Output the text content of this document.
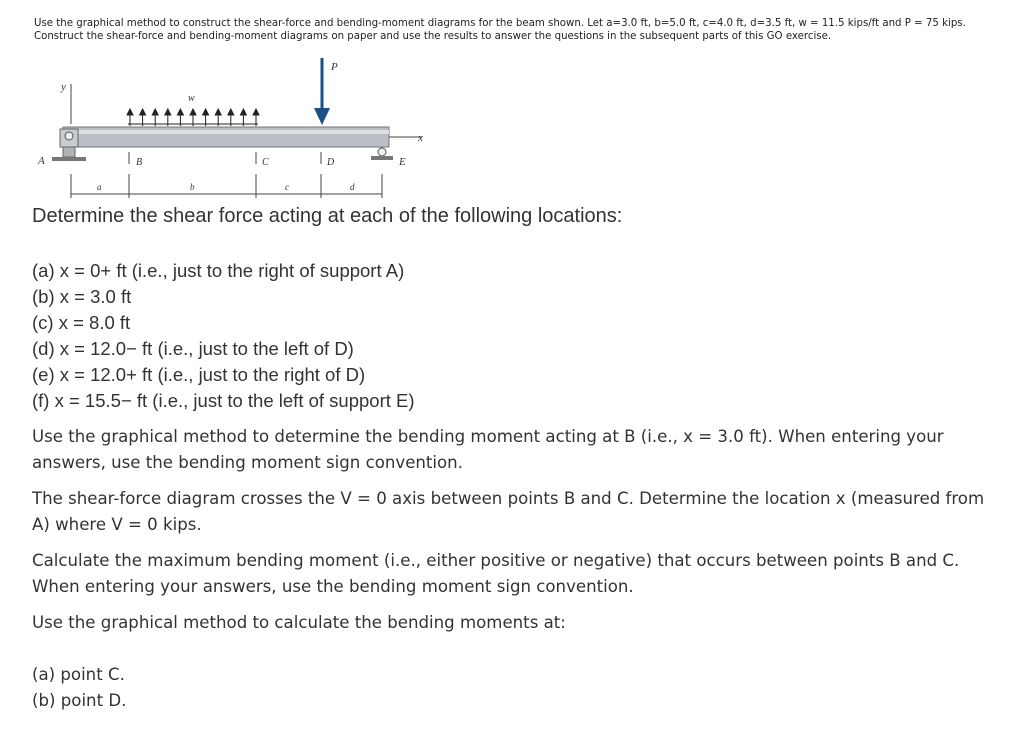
Use the graphical method to construct the shear-force and bending-moment diagrams for the beam shown. Let a=3.0 ft, b=5.0 ft, c=4.0 ft, d=3.5 ft, w = 11.5 kips/ft and P = 75 kips.
Construct the shear-force and bending-moment diagrams on paper and use the results to answer the questions in the subsequent parts of this GO exercise.
y
w
P
x
A	E
B	C	D
a	b	c	d
Determine the shear force acting at each of the following locations:
(a) x = 0+ ft (i.e., just to the right of support A)
(b) x = 3.0 ft
(c) x = 8.0 ft
(d) x = 12.0− ft (i.e., just to the left of D)
(e) x = 12.0+ ft (i.e., just to the right of D)
(f) x = 15.5− ft (i.e., just to the left of support E)

Use the graphical method to determine the bending moment acting at B (i.e., x = 3.0 ft). When entering your answers, use the bending moment sign convention.

The shear-force diagram crosses the V = 0 axis between points B and C. Determine the location x (measured from A) where V = 0 kips.

Calculate the maximum bending moment (i.e., either positive or negative) that occurs between points B and C. When entering your answers, use the bending moment sign convention.

Use the graphical method to calculate the bending moments at:

(a) point C.
(b) point D.
